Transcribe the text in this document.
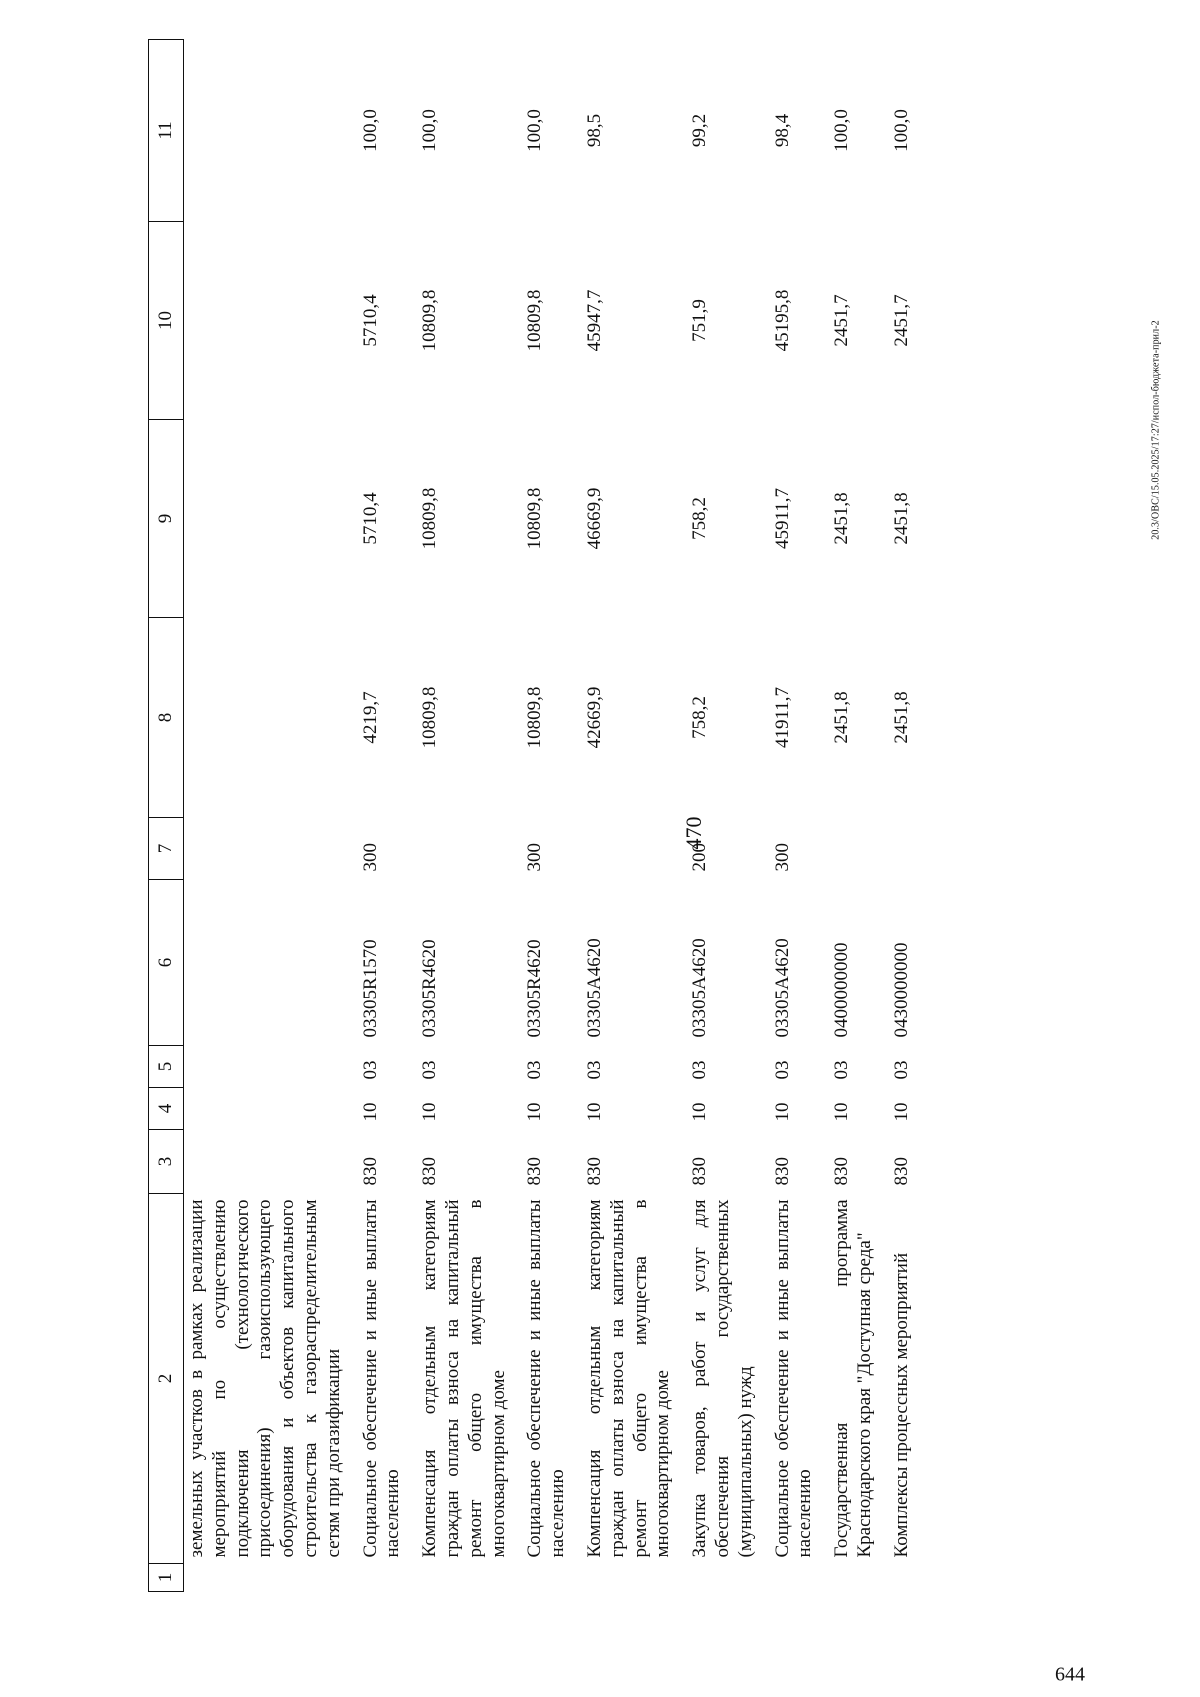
470
1	2	3	4	5	6	7	8	9	10	11
	земельных участков в рамках реализации мероприятий по осуществлению подключения (технологического присоединения) газоиспользующего оборудования и объектов капитального строительства к газораспределительным сетям при догазификации									
	Социальное обеспечение и иные выплаты населению	830	10	03	03305R1570	300	4219,7	5710,4	5710,4	100,0
	Компенсация отдельным категориям граждан оплаты взноса на капитальный ремонт общего имущества в многоквартирном доме	830	10	03	03305R4620		10809,8	10809,8	10809,8	100,0
	Социальное обеспечение и иные выплаты населению	830	10	03	03305R4620	300	10809,8	10809,8	10809,8	100,0
	Компенсация отдельным категориям граждан оплаты взноса на капитальный ремонт общего имущества в многоквартирном доме	830	10	03	03305А4620		42669,9	46669,9	45947,7	98,5
	Закупка товаров, работ и услуг для обеспечения государственных (муниципальных) нужд	830	10	03	03305А4620	200	758,2	758,2	751,9	99,2
	Социальное обеспечение и иные выплаты населению	830	10	03	03305А4620	300	41911,7	45911,7	45195,8	98,4
	Государственная программа Краснодарского края "Доступная среда"	830	10	03	0400000000		2451,8	2451,8	2451,7	100,0
	Комплексы процессных мероприятий	830	10	03	0430000000		2451,8	2451,8	2451,7	100,0
20.3/ОВС/15.05.2025/17:27/испол-бюджета-прил-2
644
